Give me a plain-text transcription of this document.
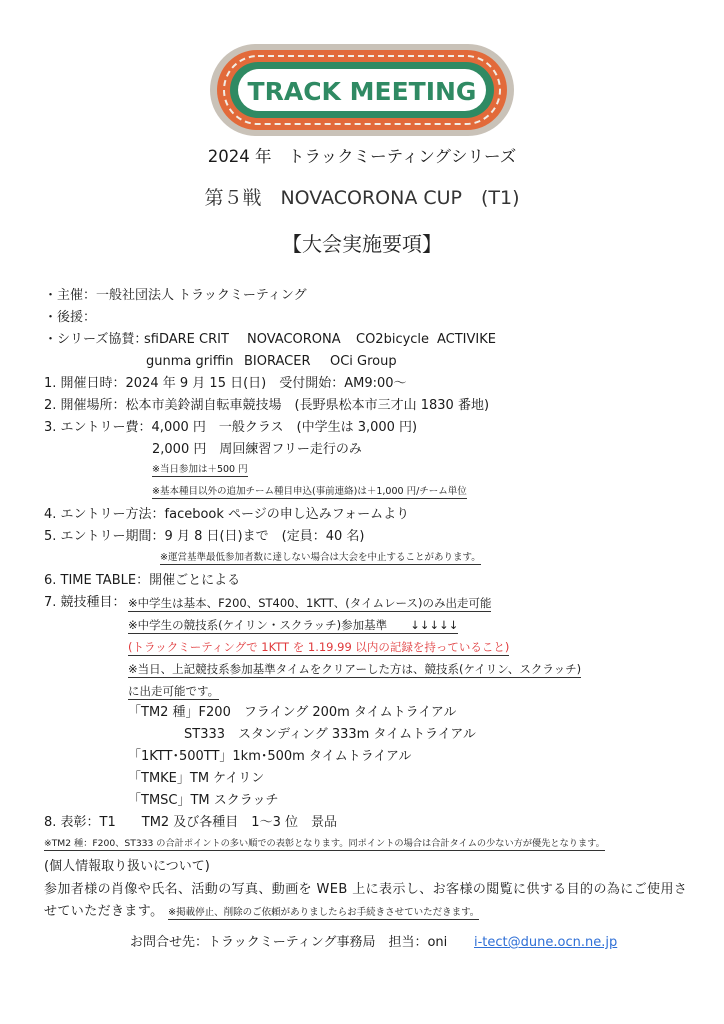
TRACK MEETING
2024 年　トラックミーティングシリーズ
第５戦　NOVACORONA CUP　(T1)
【大会実施要項】
・主催：一般社団法人 トラックミーティング
・後援：
・シリーズ協賛：
sfiDARE CRIT NOVACORONA CO2bicycle ACTIVIKE
gunma griffin BIORACER OCi Group
1. 開催日時：2024 年 9 月 15 日(日)　受付開始：AM9:00～
2. 開催場所：松本市美鈴湖自転車競技場　(長野県松本市三才山 1830 番地)
3. エントリー費：4,000 円　一般クラス　(中学生は 3,000 円)
2,000 円　周回練習フリー走行のみ
※当日参加は＋500 円
※基本種目以外の追加チーム種目申込(事前連絡)は＋1,000 円/チーム単位
4. エントリー方法：facebook ページの申し込みフォームより
5. エントリー期間：9 月 8 日(日)まで　(定員：40 名)
※運営基準最低参加者数に達しない場合は大会を中止することがあります。
6. TIME TABLE：開催ごとによる
7. 競技種目： ※中学生は基本、F200、ST400、1KTT、(タイムレース)のみ出走可能
※中学生の競技系(ケイリン・スクラッチ)参加基準　　↓↓↓↓↓
(トラックミーティングで 1KTT を 1.19.99 以内の記録を持っていること)
※当日、上記競技系参加基準タイムをクリアーした方は、競技系(ケイリン、スクラッチ)
に出走可能です。
「TM2 種」F200　フライング 200m タイムトライアル
ST333　スタンディング 333m タイムトライアル
「1KTT･500TT」1km･500m タイムトライアル
「TMKE」TM ケイリン
「TMSC」TM スクラッチ
8. 表彰：T1　　TM2 及び各種目　1～3 位　景品
※TM2 種：F200、ST333 の合計ポイントの多い順での表彰となります。同ポイントの場合は合計タイムの少ない方が優先となります。
(個人情報取り扱いについて)
参加者様の肖像や氏名、活動の写真、動画を WEB 上に表示し、お客様の閲覧に供する目的の為にご使用させていただきます。 ※掲載停止、削除のご依頼がありましたらお手続きさせていただきます。
お問合せ先：トラックミーティング事務局　担当：oni i-tect@dune.ocn.ne.jp
